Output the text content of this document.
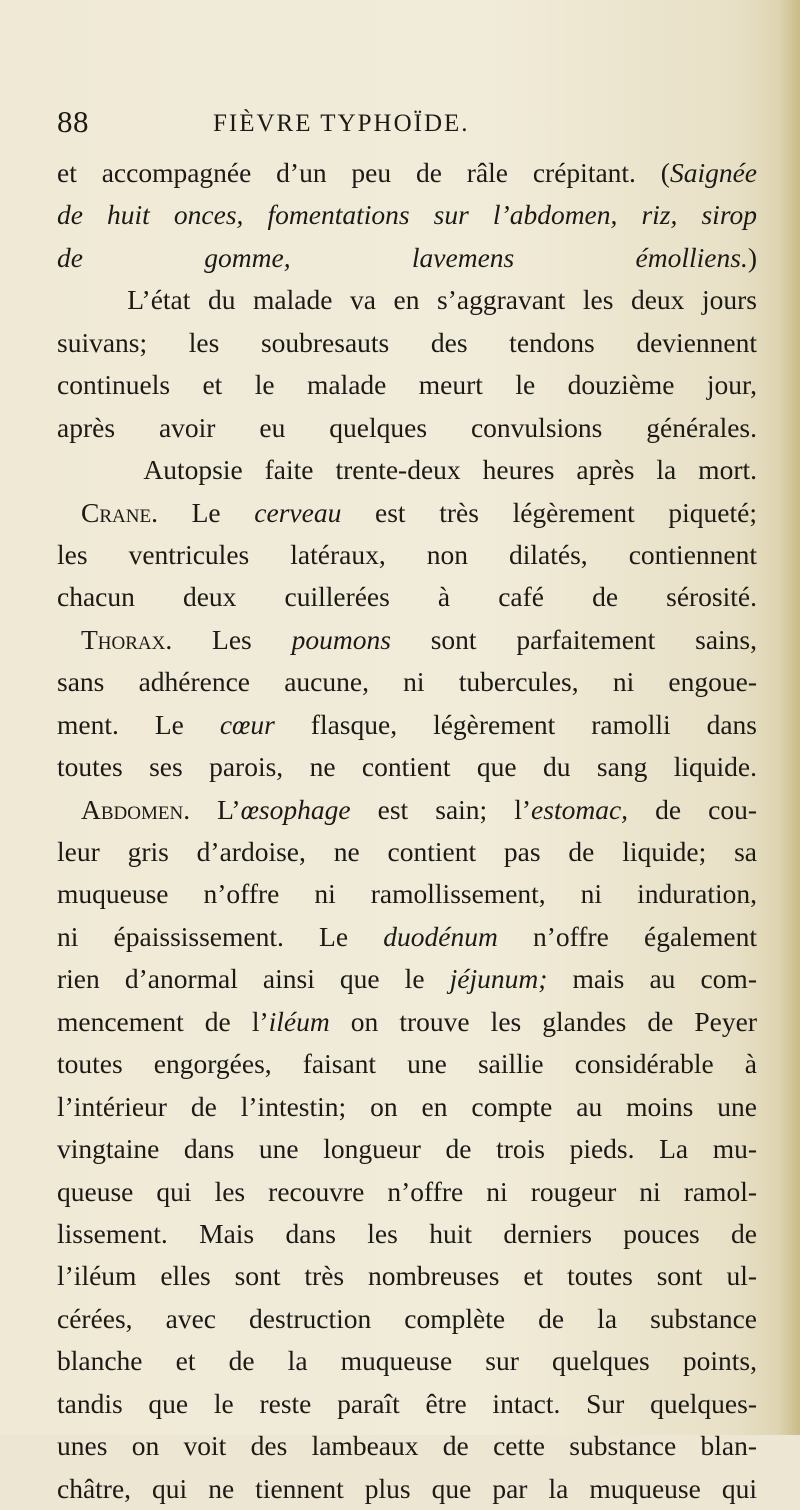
88	FIÈVRE TYPHOÏDE.
et accompagnée d’un peu de râle crépitant. (Saignée
de huit onces, fomentations sur l’abdomen, riz, sirop
de gomme, lavemens émolliens.)
L’état du malade va en s’aggravant les deux jours
suivans; les soubresauts des tendons deviennent
continuels et le malade meurt le douzième jour,
après avoir eu quelques convulsions générales.
Autopsie faite trente-deux heures après la mort.
Crane. Le cerveau est très légèrement piqueté;
les ventricules latéraux, non dilatés, contiennent
chacun deux cuillerées à café de sérosité.
Thorax. Les poumons sont parfaitement sains,
sans adhérence aucune, ni tubercules, ni engoue-
ment. Le cœur flasque, légèrement ramolli dans
toutes ses parois, ne contient que du sang liquide.
Abdomen. L’œsophage est sain; l’estomac, de cou-
leur gris d’ardoise, ne contient pas de liquide; sa
muqueuse n’offre ni ramollissement, ni induration,
ni épaississement. Le duodénum n’offre également
rien d’anormal ainsi que le jéjunum; mais au com-
mencement de l’iléum on trouve les glandes de Peyer
toutes engorgées, faisant une saillie considérable à
l’intérieur de l’intestin; on en compte au moins une
vingtaine dans une longueur de trois pieds. La mu-
queuse qui les recouvre n’offre ni rougeur ni ramol-
lissement. Mais dans les huit derniers pouces de
l’iléum elles sont très nombreuses et toutes sont ul-
cérées, avec destruction complète de la substance
blanche et de la muqueuse sur quelques points,
tandis que le reste paraît être intact. Sur quelques-
unes on voit des lambeaux de cette substance blan-
châtre, qui ne tiennent plus que par la muqueuse qui
